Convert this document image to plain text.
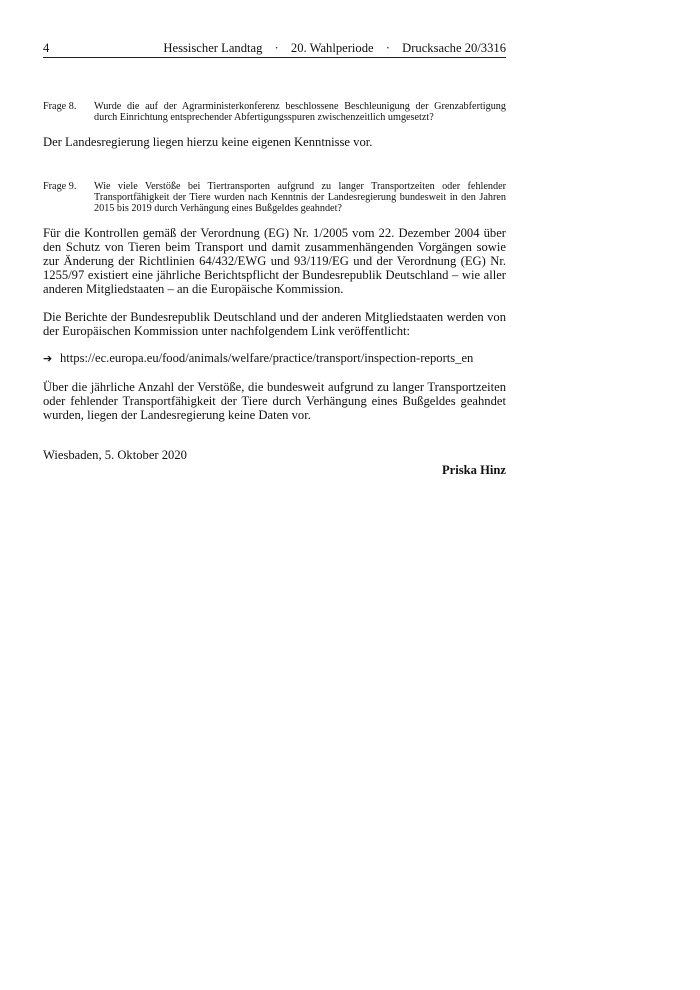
4	Hessischer Landtag · 20. Wahlperiode · Drucksache 20/3316
Frage 8. Wurde die auf der Agrarministerkonferenz beschlossene Beschleunigung der Grenzabfertigung durch Einrichtung entsprechender Abfertigungsspuren zwischenzeitlich umgesetzt?

Der Landesregierung liegen hierzu keine eigenen Kenntnisse vor.

Frage 9. Wie viele Verstöße bei Tiertransporten aufgrund zu langer Transportzeiten oder fehlender Transportfähigkeit der Tiere wurden nach Kenntnis der Landesregierung bundesweit in den Jahren 2015 bis 2019 durch Verhängung eines Bußgeldes geahndet?

Für die Kontrollen gemäß der Verordnung (EG) Nr. 1/2005 vom 22. Dezember 2004 über den Schutz von Tieren beim Transport und damit zusammenhängenden Vorgängen sowie zur Änderung der Richtlinien 64/432/EWG und 93/119/EG und der Verordnung (EG) Nr. 1255/97 existiert eine jährliche Berichtspflicht der Bundesrepublik Deutschland – wie aller anderen Mitgliedstaaten – an die Europäische Kommission.

Die Berichte der Bundesrepublik Deutschland und der anderen Mitgliedstaaten werden von der Europäischen Kommission unter nachfolgendem Link veröffentlicht:

➔ https://ec.europa.eu/food/animals/welfare/practice/transport/inspection-reports_en

Über die jährliche Anzahl der Verstöße, die bundesweit aufgrund zu langer Transportzeiten oder fehlender Transportfähigkeit der Tiere durch Verhängung eines Bußgeldes geahndet wurden, liegen der Landesregierung keine Daten vor.

Wiesbaden, 5. Oktober 2020
Priska Hinz
